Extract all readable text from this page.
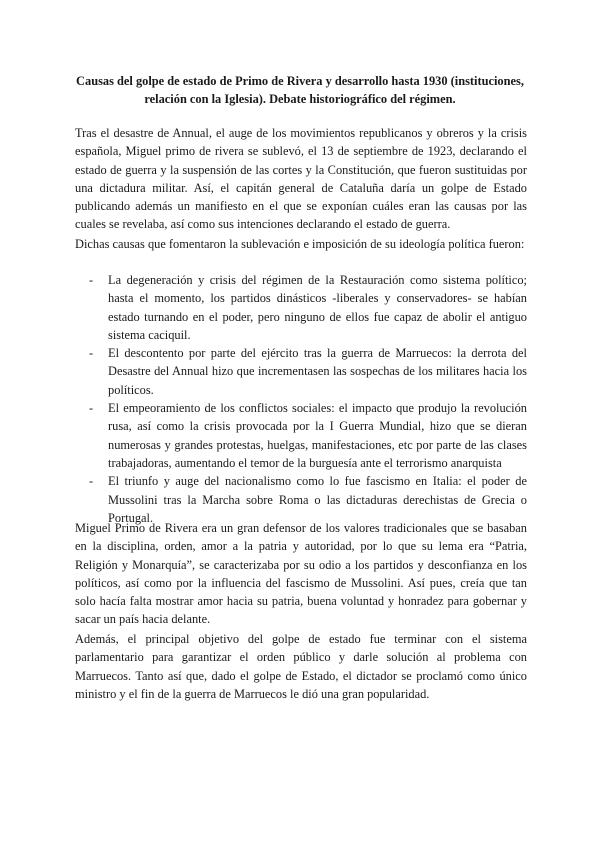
Causas del golpe de estado de Primo de Rivera y desarrollo hasta 1930 (instituciones, relación con la Iglesia). Debate historiográfico del régimen.

Tras el desastre de Annual, el auge de los movimientos republicanos y obreros y la crisis española, Miguel primo de rivera se sublevó, el 13 de septiembre de 1923, declarando el estado de guerra y la suspensión de las cortes y la Constitución, que fueron sustituidas por una dictadura militar. Así, el capitán general de Cataluña daría un golpe de Estado publicando además un manifiesto en el que se exponían cuáles eran las causas por las cuales se revelaba, así como sus intenciones declarando el estado de guerra.

Dichas causas que fomentaron la sublevación e imposición de su ideología política fueron:

- La degeneración y crisis del régimen de la Restauración como sistema político; hasta el momento, los partidos dinásticos -liberales y conservadores- se habían estado turnando en el poder, pero ninguno de ellos fue capaz de abolir el antiguo sistema caciquil.
- El descontento por parte del ejército tras la guerra de Marruecos: la derrota del Desastre del Annual hizo que incrementasen las sospechas de los militares hacia los políticos.
- El empeoramiento de los conflictos sociales: el impacto que produjo la revolución rusa, así como la crisis provocada por la I Guerra Mundial, hizo que se dieran numerosas y grandes protestas, huelgas, manifestaciones, etc por parte de las clases trabajadoras, aumentando el temor de la burguesía ante el terrorismo anarquista
- El triunfo y auge del nacionalismo como lo fue fascismo en Italia: el poder de Mussolini tras la Marcha sobre Roma o las dictaduras derechistas de Grecia o Portugal.

Miguel Primo de Rivera era un gran defensor de los valores tradicionales que se basaban en la disciplina, orden, amor a la patria y autoridad, por lo que su lema era “Patria, Religión y Monarquía”, se caracterizaba por su odio a los partidos y desconfianza en los políticos, así como por la influencia del fascismo de Mussolini. Así pues, creía que tan solo hacía falta mostrar amor hacia su patria, buena voluntad y honradez para gobernar y sacar un país hacia delante.

Además, el principal objetivo del golpe de estado fue terminar con el sistema parlamentario para garantizar el orden público y darle solución al problema con Marruecos. Tanto así que, dado el golpe de Estado, el dictador se proclamó como único ministro y el fin de la guerra de Marruecos le dió una gran popularidad.
